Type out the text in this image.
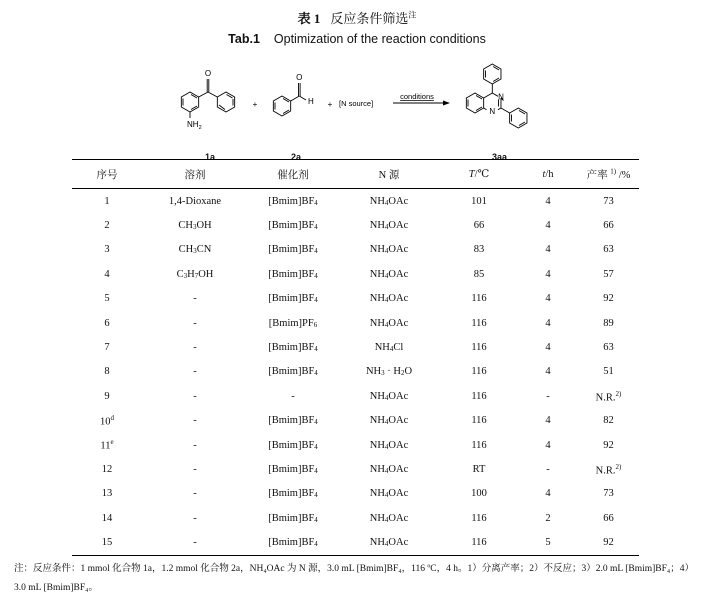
表 1 反应条件筛选$^注$
Tab.1 Optimization of the reaction conditions
O
$NH_2$
+
O
H + [N source]
conditions	N
N
1a	2a	3aa
序号	溶剂	催化剂	N 源	T/℃	t/h	产率 $^{1)}$ /%
1	1,4-Dioxane	$[Bmim]BF_4$	$NH_4OAc$	101	4	73
2	$CH_3OH$	$[Bmim]BF_4$	$NH_4OAc$	66	4	66
3	$CH_3CN$	$[Bmim]BF_4$	$NH_4OAc$	83	4	63
4	$C_3H_7OH$	$[Bmim]BF_4$	$NH_4OAc$	85	4	57
5	-	$[Bmim]BF_4$	$NH_4OAc$	116	4	92
6	-	$[Bmim]PF_6$	$NH_4OAc$	116	4	89
7	-	$[Bmim]BF_4$	$NH_4Cl$	116	4	63
8	-	$[Bmim]BF_4$	$NH_3 \cdot H_2O$	116	4	51
9	-	-	$NH_4OAc$	116	-	N.R.$^{2)}$
10$^d$	-	$[Bmim]BF_4$	$NH_4OAc$	116	4	82
11e	-	$[Bmim]BF_4$	$NH_4OAc$	116	4	92
12	-	$[Bmim]BF_4$	$NH_4OAc$	RT	-	N.R.$^{2)}$
13	-	$[Bmim]BF_4$	$NH_4OAc$	100	4	73
14	-	$[Bmim]BF_4$	$NH_4OAc$	116	2	66
15	-	$[Bmim]BF_4$	$NH_4OAc$	116	5	92
注：反应条件：1 mmol 化合物 1a，1.2 mmol 化合物 2a，NH₄OAc 为 N 源，3.0 mL [Bmim]BF₄，116 ºC，4 h。1）分离产率；2）不反应；3）2.0 mL [Bmim]BF₄；4）3.0 mL [Bmim]BF₄。
